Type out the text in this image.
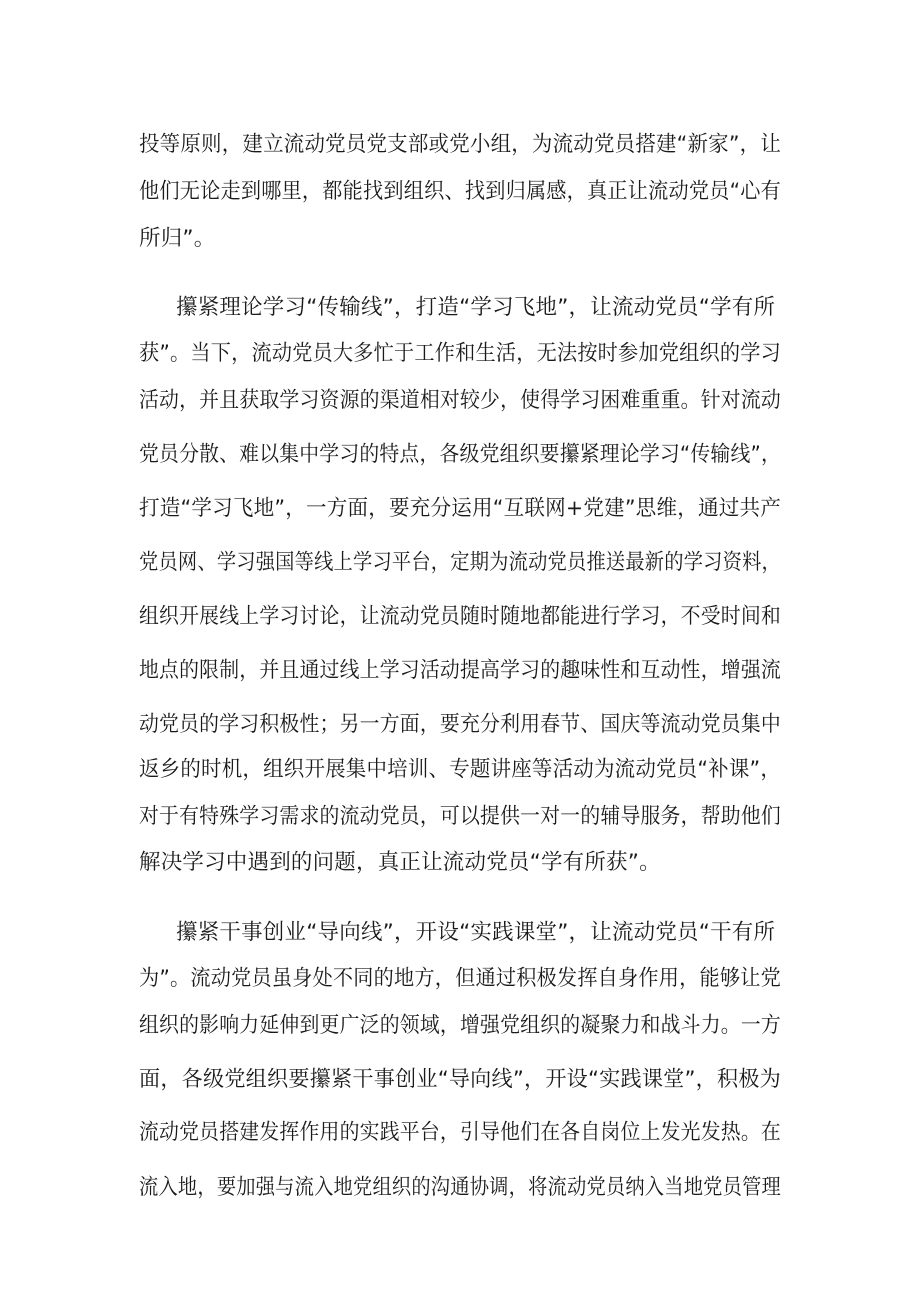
投等原则，建立流动党员党支部或党小组，为流动党员搭建“新家”，让
他们无论走到哪里，都能找到组织、找到归属感，真正让流动党员“心有
所归”。
攥紧理论学习“传输线”，打造“学习飞地”，让流动党员“学有所
获”。当下，流动党员大多忙于工作和生活，无法按时参加党组织的学习
活动，并且获取学习资源的渠道相对较少，使得学习困难重重。针对流动
党员分散、难以集中学习的特点，各级党组织要攥紧理论学习“传输线”，
打造“学习飞地”，一方面，要充分运用“互联网+党建”思维，通过共产
党员网、学习强国等线上学习平台，定期为流动党员推送最新的学习资料，
组织开展线上学习讨论，让流动党员随时随地都能进行学习，不受时间和
地点的限制，并且通过线上学习活动提高学习的趣味性和互动性，增强流
动党员的学习积极性；另一方面，要充分利用春节、国庆等流动党员集中
返乡的时机，组织开展集中培训、专题讲座等活动为流动党员“补课”，
对于有特殊学习需求的流动党员，可以提供一对一的辅导服务，帮助他们
解决学习中遇到的问题，真正让流动党员“学有所获”。
攥紧干事创业“导向线”，开设“实践课堂”，让流动党员“干有所
为”。流动党员虽身处不同的地方，但通过积极发挥自身作用，能够让党
组织的影响力延伸到更广泛的领域，增强党组织的凝聚力和战斗力。一方
面，各级党组织要攥紧干事创业“导向线”，开设“实践课堂”，积极为
流动党员搭建发挥作用的实践平台，引导他们在各自岗位上发光发热。在
流入地，要加强与流入地党组织的沟通协调，将流动党员纳入当地党员管理
